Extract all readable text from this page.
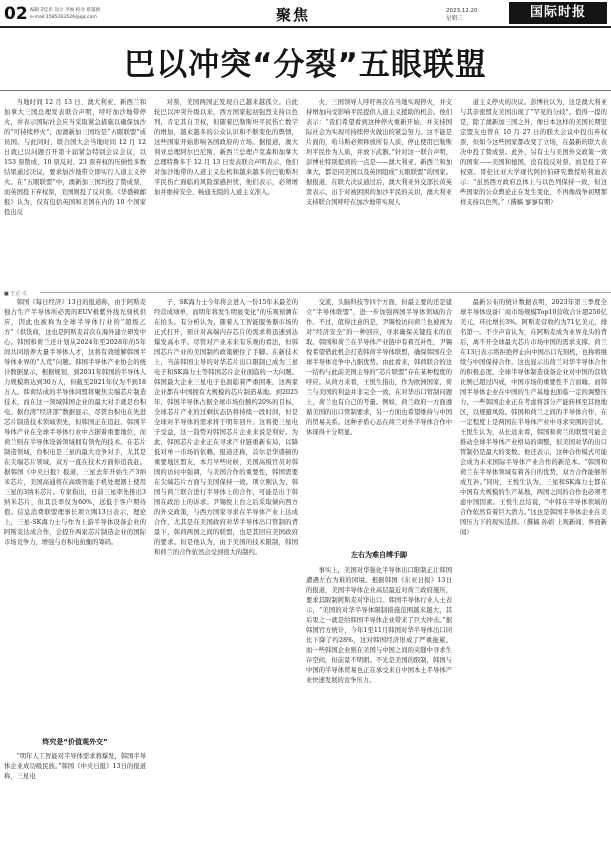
02 编辑 Z佳彤 设计 李俊 校对 蔡越鸥
e-mail:1585263526@qq.com	聚焦	2023.12.20
星期三	国际时报
巴以冲突“分裂”五眼联盟

当地时间 12 月 13 日，澳大利亚、新西兰和加拿大三国总理发表联合声明，呼吁加沙地带停火，并表示国际社会应当采取紧急措施以确保加沙的“可持续停火”，而澳新加三国均是“五眼联盟”成员国。与此同时，联合国大会当地时间 12 月 12 日就已以问题召开第十届紧急特别会议会议，以 153 票赞成、10 票反对、23 票弃权的压倒性多数结果通过决议，要求加沙地带立即实行人道主义停火。在“五眼联盟”中，澳新加三国均投了赞成票，而英国投下弃权票，美国则投了反对票。《华盛顿邮报》认为，仅有包括英国和美国在内的 10 个国家投出反

对票，美国两国正发现自己越来越孤立。自此轮巴以冲突升级以来，西方国家起初强烈支持以色列，肯定其自卫权，但随着巴勒斯坦平民伤亡数字的增加，越来越多的公众认识和不断变化的舆情，这些国家开始影响各国政府的立场。据报道，澳大利亚总理阿尔巴尼斯、新西兰总理卢克森和加拿大总理特鲁多于 12 月 13 日发表联合声明表示，他们对加沙地带的人道主义危机和越来越多的巴勒斯坦平民伤亡面临的风险深感担忧，他们表示，必须增加并维持安全、畅通无阻的人道主义准入。

火，三国领导人呼吁再次在当地实现停火，并支持增加向受影响平民提供人道主义援助的机会。他们表示：“我们希望看到这种停火重新开始，并支持国际社会为实现可持续停火做出的紧急努力。这不能是片面的，哈马斯必须释放所有人质，停止使用巴勒斯坦平民作为人质，并放下武器。”针对这一联合声明，彭博社特别提到的一点是——澳大利亚、新西兰和加拿大，都是同美国以及英国组成“五眼联盟”的国家。据报道，在联大决议通过后，澳大利亚外交部长黄英贤表示，出于对被困困的加沙平民的关切，澳大利亚支持联合国呼吁在加沙地带实现人

道主义停火的决议。彭博社认为，这是澳大利亚与其亲密盟友美国出现了“罕见的分歧”。值得一提的是，除了澳新加三国之外，像日本这样的美国长期坚定盟友也曾在 10 月 27 日的联大会议中投出弃权票，但如今这些国家都改变了立场，在最新的联大表决中投了赞成票。此外，另有土与美国外交政策一致的国家——美国和德国，没有投反对票，而是投了弃权票。哥伦比亚大学现代阿拉伯研究教授哈利迪表示：“虽然西方政府总体上与以色列保持一致，但这些国家的公众舆论正在发生变化，不再像战争初期那样支持以色列。”（撰稿 寥寥有期）

■ 王正·文

韩国《每日经济》13日的报道称，由于阿斯麦独占生产半导体所必需的EUV极紫外线光刻机供应，因此也被称为全球半导体行业的“超级乙方”（供货商，这也是阿斯麦首次在海外建立研发中心。韩国和荷兰还计划从2024年至2028年的5年间共同培养大量半导体人才，这将有效缓解韩国半导体业界的“人荒”问题。韩国半导体产业协会的统计数据显示，根据规划，到2031年韩国的半导体人力规模将达到30万人，但截至2021年仅为不到18万人。韩荷结成的半导体同盟将聚焦尖端芯片制造技术，而在这一领域韩国企业的最大对手就是台积电。据台湾“经济部”数据显示，尽管台积电在先进芯片制造技术领域领先，但韩国正在追赶。韩国半导体产业在全球半导体行业中占据着重要地位，而荷兰则在半导体设备领域拥有领先的技术。在芯片制造领域，台积电是三星的最大竞争对手，尤其是在尖端芯片领域，双方一直在技术方面你追我赶。据韩国《中央日报》报道，三星去年开始生产3纳米芯片，美国高通将在高级智能手机处理器上使用三星的3纳米芯片。专家指出，日前三星率先推出3纳米芯片，但其良率仅为60%，远低于客户期待值。信息消费联盟理事长项立刚13日表示，理论上，三星-SK海力士与作为上游半导体设备企业的阿斯麦达成合作，会提升两家芯片制造企业的国际市场竞争力，增强与台积电抗衡的筹码。

终究是“价值观外交”

“明年人工智能对半导体需求将爆发，韩国半导体企业成功吸民族。”韩国《中央日报》13日的报道称，三星电

子、SK海力士今年将会进入一份15年未最差的经营成绩单，而明年将发生明显变化“的乐观预测在在抬头。有分析认为，随着人工智能服务器市场的正式打开，预计对高端内存芯片的需求将迅速到达爆发高水平。尽管对产业未来有乐观的看法，但韩国芯片产业的美国制约政策硬住了手脚。在新技术上，当前韩国主导的对华芯片出口限制已成为三星电子和SK海力士等韩国芯片企业面临的一大问题。韩国最大企业三星电子也面临着严重困难，这两家企业都在中国拥有大规模的芯片制造基地。到2025年，韩国半导体占据全球市场份额约20%的目标，全球芯片产业的过剩状态仍将持续一段时间，但是全球对半导体的需求将于明年回升。这将使三星电子受益，这一趋势对韩国芯片企业来说是利好。为此，韩国芯片企业正在寻求产业链重新布局，以降低对单一市场的依赖。报道还称，首尔是华盛顿的重要地区盟友，本月早些时候，美国高级官员对韩国的访问中强调，与美国合作的重要性，韩国需要在尖端芯片方面与美国保持一致。项立刚认为，韩国与荷兰联合进行半导体上的合作，可能是出于韩国在政治上的诉求。尹锡悦上台之后采取倾向西方的外交政策，与西方国家寻求在半导体产业上达成合作，尤其是在美国政府对华半导体出口管制的背景下，韩荷两国之间的联盟，也是其回应美国政府的要求。但是他认为，由于美国的技术限制，韩国和荷兰的合作依然会受到很大的制约。

交流、头脑科技等四个方面，但最主要的还是建立“半导体联盟”，进一步加强两国半导体领域的合作。不过，值得注意的是，尹锡悦访问荷兰也被视为对“经济安全”的一种回应，寻求确保关键技术的获取。韩国和荷兰在半导体产业链中有着互补性，尹锡悦希望借此机会打造韩荷半导体联盟，确保韩国在全球半导体竞争中占据优势。由此看来，韩荷联合的这一结构与此前美国主导的“芯片联盟”存在某种程度的呼应。从荷方来看，王悦生指出，作为欧洲国家，荷兰与美国的利益并非完全一致，在对华出口管制问题上，荷兰也有自己的考量。例如，荷兰政府一方面遵循美国的出口管制要求，另一方面也希望维持与中国的贸易关系。这种矛盾心态在荷兰对外半导体合作中体现得十分明显。

左右为难自缚手脚

事实上，美国对华强化半导体出口限制正让韩国遭遇左右为难的困境。根据韩国《东亚日报》13日的报道，美国半导体企业高层最近对荷兰政府施压，要求其限制阿斯麦对华出口。韩国半导体行业人士表示，“美国的对华半导体限制措施范围越来越大，其后果之一就是给韩国半导体企业带来了巨大冲击。”据韩国官方统计，今年1至11月韩国对华半导体出口同比下降了约28%，这对韩国经济形成了严重拖累。而一些韩国企业则在美国与中国之间的夹缝中寻求生存空间，但前景不明朗。不光是美国的限制，韩国与中国的半导体贸易也正在承受来自中国本土半导体产业快速发展的竞争压力。

最新公布的统计数据表明，2023年第三季度全球半导体设备厂商市场规模Top10营收合计超250亿美元，环比增长3%。阿斯麦营收约为71亿美元，排名第一。不少声音认为，在阿斯麦成为业界龙头的背后，离不开全球最大芯片市场中国的需求支撑。荷兰在13日表示将拒绝停止向中国出口光刻机，也称将继续与中国保持合作。这也显示出荷兰对华半导体合作的积极态度。全球半导体制造设备企业对中国的营收比例已超过四成，中国市场的重要性不言而喻。而韩国半导体企业在中国的生产基地也面临一定的调整压力，一些韩国企业正在考虑将部分产能转移至其他地区，以规避风险。韩国和荷兰之间的半导体合作，在一定程度上是两国在半导体产业中寻求突围的尝试。王悦生认为，从长远来看，韩国和荷兰的联盟可能会推动全球半导体产业格局的调整，但美国对华的出口管制仍是最大的变数。他还表示，这种合作模式可能会成为未来国际半导体产业合作的新范本。“韩国和荷兰在半导体领域有着各自的优势，双方合作能够形成互补。”同时，王悦生认为，三星和SK海力士都在中国有大规模的生产基地，两国之间的合作也必须考虑中国因素。王悦生总结说，“中韩在半导体领域的合作依然有着巨大潜力。”这也是韩国半导体企业在美国压力下的现实选择。（撰稿 孙娟 上观新闻、界面新闻）
